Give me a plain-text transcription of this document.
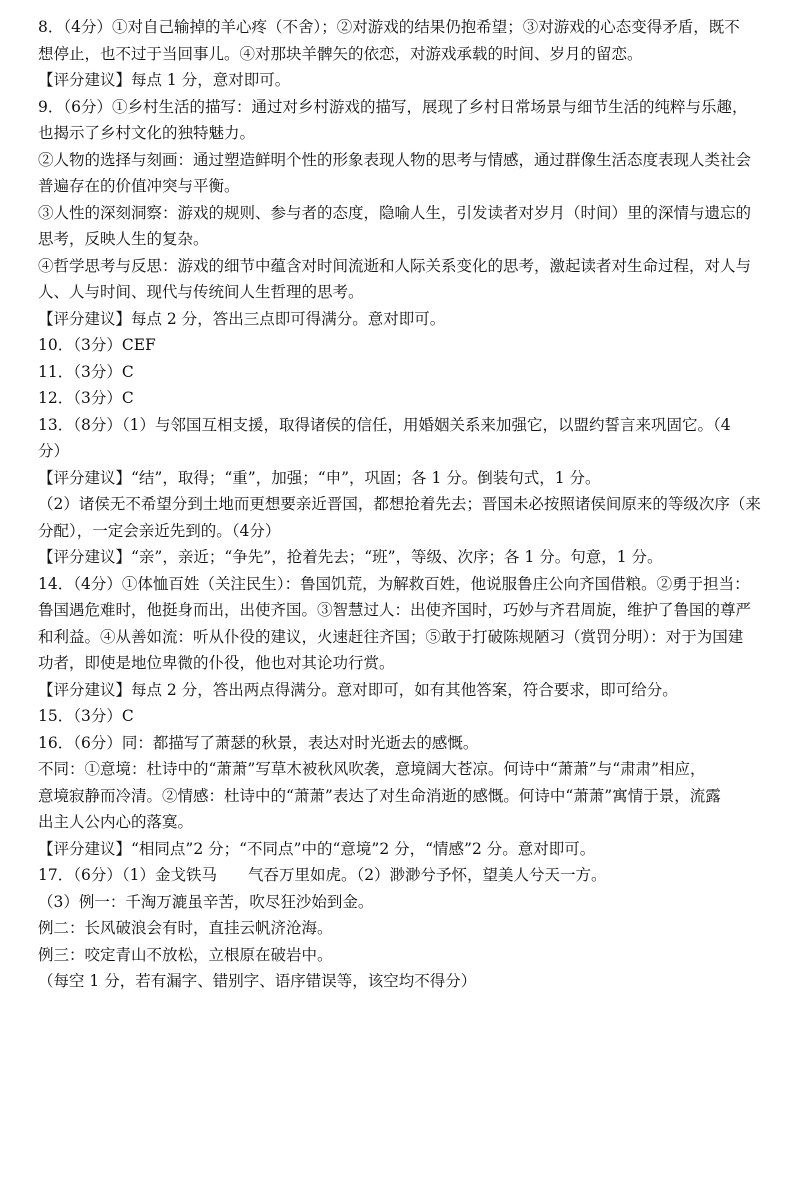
8．（4分）①对自己输掉的羊心疼（不舍）；②对游戏的结果仍抱希望；③对游戏的心态变得矛盾，既不
想停止，也不过于当回事儿。④对那块羊髀矢的依恋，对游戏承载的时间、岁月的留恋。
【评分建议】每点 1 分，意对即可。
9．（6分）①乡村生活的描写：通过对乡村游戏的描写，展现了乡村日常场景与细节生活的纯粹与乐趣，
也揭示了乡村文化的独特魅力。
②人物的选择与刻画：通过塑造鲜明个性的形象表现人物的思考与情感，通过群像生活态度表现人类社会
普遍存在的价值冲突与平衡。
③人性的深刻洞察：游戏的规则、参与者的态度，隐喻人生，引发读者对岁月（时间）里的深情与遗忘的
思考，反映人生的复杂。
④哲学思考与反思：游戏的细节中蕴含对时间流逝和人际关系变化的思考，激起读者对生命过程，对人与
人、人与时间、现代与传统间人生哲理的思考。
【评分建议】每点 2 分，答出三点即可得满分。意对即可。
10．（3分）CEF
11．（3分）C
12．（3分）C
13．（8分）（1）与邻国互相支援，取得诸侯的信任，用婚姻关系来加强它，以盟约誓言来巩固它。（4
分）
【评分建议】“结”，取得；“重”，加强；“申”，巩固；各 1 分。倒装句式，1 分。
（2）诸侯无不希望分到土地而更想要亲近晋国，都想抢着先去；晋国未必按照诸侯间原来的等级次序（来
分配），一定会亲近先到的。（4分）
【评分建议】“亲”，亲近；“争先”，抢着先去；“班”，等级、次序；各 1 分。句意，1 分。
14．（4分）①体恤百姓（关注民生）：鲁国饥荒，为解救百姓，他说服鲁庄公向齐国借粮。②勇于担当：
鲁国遇危难时，他挺身而出，出使齐国。③智慧过人：出使齐国时，巧妙与齐君周旋，维护了鲁国的尊严
和利益。④从善如流：听从仆役的建议，火速赶往齐国；⑤敢于打破陈规陋习（赏罚分明）：对于为国建
功者，即使是地位卑微的仆役，他也对其论功行赏。
【评分建议】每点 2 分，答出两点得满分。意对即可，如有其他答案，符合要求，即可给分。
15．（3分）C
16．（6分）同：都描写了萧瑟的秋景，表达对时光逝去的感慨。
不同：①意境：杜诗中的“萧萧”写草木被秋风吹袭，意境阔大苍凉。何诗中“萧萧”与“肃肃”相应，
意境寂静而冷清。②情感：杜诗中的“萧萧”表达了对生命消逝的感慨。何诗中“萧萧”寓情于景，流露
出主人公内心的落寞。
【评分建议】“相同点”2 分；“不同点”中的“意境”2 分，“情感”2 分。意对即可。
17．（6分）（1）金戈铁马　　气吞万里如虎。（2）渺渺兮予怀，望美人兮天一方。
（3）例一：千淘万漉虽辛苦，吹尽狂沙始到金。
例二：长风破浪会有时，直挂云帆济沧海。
例三：咬定青山不放松，立根原在破岩中。
（每空 1 分，若有漏字、错别字、语序错误等，该空均不得分）
